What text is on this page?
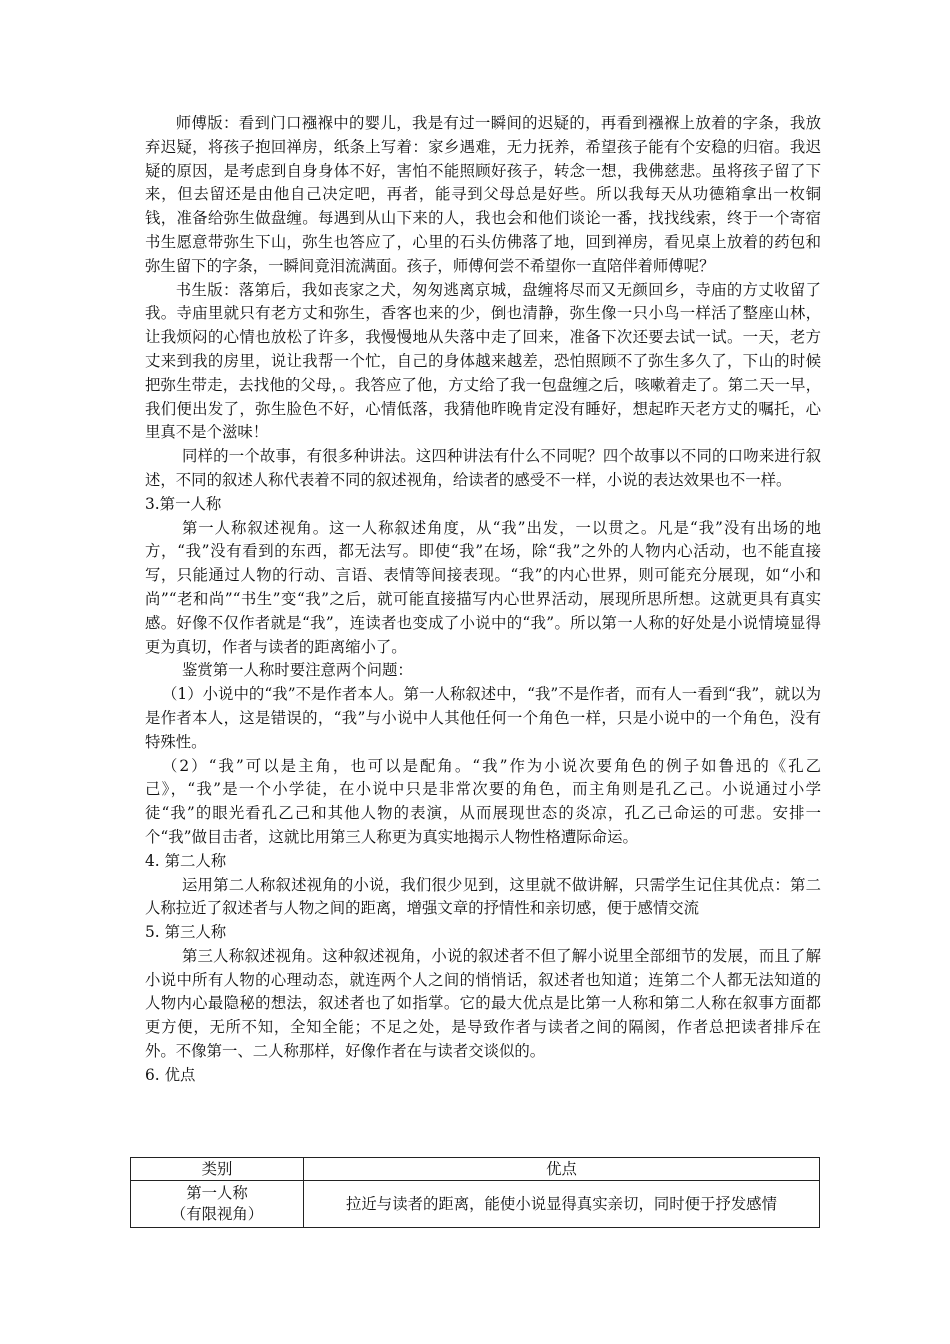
师傅版：看到门口襁褓中的婴儿，我是有过一瞬间的迟疑的，再看到襁褓上放着的字条，我放弃迟疑，将孩子抱回禅房，纸条上写着：家乡遇难，无力抚养，希望孩子能有个安稳的归宿。我迟疑的原因，是考虑到自身身体不好，害怕不能照顾好孩子，转念一想，我佛慈悲。虽将孩子留了下来，但去留还是由他自己决定吧，再者，能寻到父母总是好些。所以我每天从功德箱拿出一枚铜钱，准备给弥生做盘缠。每遇到从山下来的人，我也会和他们谈论一番，找找线索，终于一个寄宿书生愿意带弥生下山，弥生也答应了，心里的石头仿佛落了地，回到禅房，看见桌上放着的药包和弥生留下的字条，一瞬间竟泪流满面。孩子，师傅何尝不希望你一直陪伴着师傅呢？

书生版：落第后，我如丧家之犬，匆匆逃离京城，盘缠将尽而又无颜回乡，寺庙的方丈收留了我。寺庙里就只有老方丈和弥生，香客也来的少，倒也清静，弥生像一只小鸟一样活了整座山林，让我烦闷的心情也放松了许多，我慢慢地从失落中走了回来，准备下次还要去试一试。一天，老方丈来到我的房里，说让我帮一个忙，自己的身体越来越差，恐怕照顾不了弥生多久了，下山的时候把弥生带走，去找他的父母，。我答应了他，方丈给了我一包盘缠之后，咳嗽着走了。第二天一早，我们便出发了，弥生脸色不好，心情低落，我猜他昨晚肯定没有睡好，想起昨天老方丈的嘱托，心里真不是个滋味！

同样的一个故事，有很多种讲法。这四种讲法有什么不同呢？四个故事以不同的口吻来进行叙述，不同的叙述人称代表着不同的叙述视角，给读者的感受不一样，小说的表达效果也不一样。

3.第一人称

第一人称叙述视角。这一人称叙述角度，从“我”出发，一以贯之。凡是“我”没有出场的地方，“我”没有看到的东西，都无法写。即使“我”在场，除“我”之外的人物内心活动，也不能直接写，只能通过人物的行动、言语、表情等间接表现。“我”的内心世界，则可能充分展现，如“小和尚”“老和尚”“书生”变“我”之后，就可能直接描写内心世界活动，展现所思所想。这就更具有真实感。好像不仅作者就是“我”，连读者也变成了小说中的“我”。所以第一人称的好处是小说情境显得更为真切，作者与读者的距离缩小了。

鉴赏第一人称时要注意两个问题：

（1）小说中的“我”不是作者本人。第一人称叙述中，“我”不是作者，而有人一看到“我”，就以为是作者本人，这是错误的，“我”与小说中人其他任何一个角色一样，只是小说中的一个角色，没有特殊性。

（2）“我”可以是主角，也可以是配角。“我”作为小说次要角色的例子如鲁迅的《孔乙己》，“我”是一个小学徒，在小说中只是非常次要的角色，而主角则是孔乙己。小说通过小学徒“我”的眼光看孔乙己和其他人物的表演，从而展现世态的炎凉，孔乙己命运的可悲。安排一个“我”做目击者，这就比用第三人称更为真实地揭示人物性格遭际命运。

4. 第二人称

运用第二人称叙述视角的小说，我们很少见到，这里就不做讲解，只需学生记住其优点：第二人称拉近了叙述者与人物之间的距离，增强文章的抒情性和亲切感，便于感情交流

5. 第三人称

第三人称叙述视角。这种叙述视角，小说的叙述者不但了解小说里全部细节的发展，而且了解小说中所有人物的心理动态，就连两个人之间的悄悄话，叙述者也知道；连第二个人都无法知道的人物内心最隐秘的想法，叙述者也了如指掌。它的最大优点是比第一人称和第二人称在叙事方面都更方便，无所不知，全知全能；不足之处，是导致作者与读者之间的隔阂，作者总把读者排斥在外。不像第一、二人称那样，好像作者在与读者交谈似的。

6. 优点

类别	优点

第一人称
（有限视角）	拉近与读者的距离，能使小说显得真实亲切，同时便于抒发感情
